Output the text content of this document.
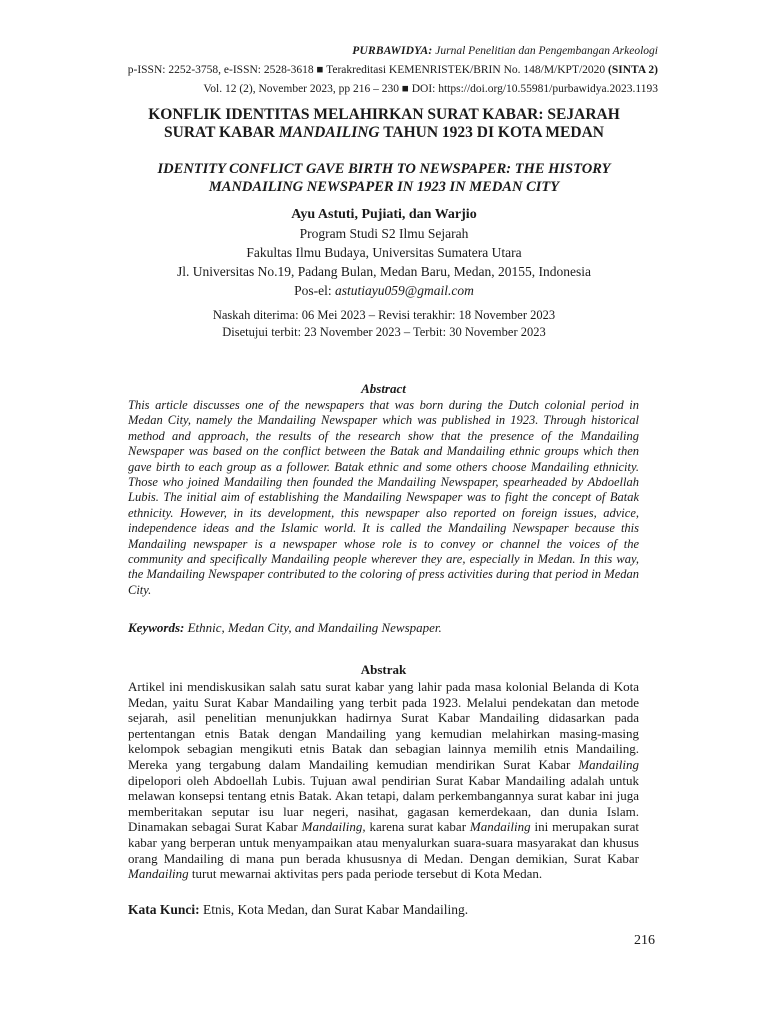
PURBAWIDYA: Jurnal Penelitian dan Pengembangan Arkeologi
p-ISSN: 2252-3758, e-ISSN: 2528-3618 ■ Terakreditasi KEMENRISTEK/BRIN No. 148/M/KPT/2020 (SINTA 2)
Vol. 12 (2), November 2023, pp 216 – 230 ■ DOI: https://doi.org/10.55981/purbawidya.2023.1193

KONFLIK IDENTITAS MELAHIRKAN SURAT KABAR: SEJARAH
SURAT KABAR MANDAILING TAHUN 1923 DI KOTA MEDAN

IDENTITY CONFLICT GAVE BIRTH TO NEWSPAPER: THE HISTORY
MANDAILING NEWSPAPER IN 1923 IN MEDAN CITY

Ayu Astuti, Pujiati, dan Warjio
Program Studi S2 Ilmu Sejarah
Fakultas Ilmu Budaya, Universitas Sumatera Utara
Jl. Universitas No.19, Padang Bulan, Medan Baru, Medan, 20155, Indonesia
Pos-el: astutiayu059@gmail.com
Naskah diterima: 06 Mei 2023 – Revisi terakhir: 18 November 2023
Disetujui terbit: 23 November 2023 – Terbit: 30 November 2023

Abstract

This article discusses one of the newspapers that was born during the Dutch colonial period in Medan City, namely the Mandailing Newspaper which was published in 1923. Through historical method and approach, the results of the research show that the presence of the Mandailing Newspaper was based on the conflict between the Batak and Mandailing ethnic groups which then gave birth to each group as a follower. Batak ethnic and some others choose Mandailing ethnicity. Those who joined Mandailing then founded the Mandailing Newspaper, spearheaded by Abdoellah Lubis. The initial aim of establishing the Mandailing Newspaper was to fight the concept of Batak ethnicity. However, in its development, this newspaper also reported on foreign issues, advice, independence ideas and the Islamic world. It is called the Mandailing Newspaper because this Mandailing newspaper is a newspaper whose role is to convey or channel the voices of the community and specifically Mandailing people wherever they are, especially in Medan. In this way, the Mandailing Newspaper contributed to the coloring of press activities during that period in Medan City.

Keywords: Ethnic, Medan City, and Mandailing Newspaper.

Abstrak

Artikel ini mendiskusikan salah satu surat kabar yang lahir pada masa kolonial Belanda di Kota Medan, yaitu Surat Kabar Mandailing yang terbit pada 1923. Melalui pendekatan dan metode sejarah, asil penelitian menunjukkan hadirnya Surat Kabar Mandailing didasarkan pada pertentangan etnis Batak dengan Mandailing yang kemudian melahirkan masing-masing kelompok sebagian mengikuti etnis Batak dan sebagian lainnya memilih etnis Mandailing. Mereka yang tergabung dalam Mandailing kemudian mendirikan Surat Kabar Mandailing dipelopori oleh Abdoellah Lubis. Tujuan awal pendirian Surat Kabar Mandailing adalah untuk melawan konsepsi tentang etnis Batak. Akan tetapi, dalam perkembangannya surat kabar ini juga memberitakan seputar isu luar negeri, nasihat, gagasan kemerdekaan, dan dunia Islam. Dinamakan sebagai Surat Kabar Mandailing, karena surat kabar Mandailing ini merupakan surat kabar yang berperan untuk menyampaikan atau menyalurkan suara-suara masyarakat dan khusus orang Mandailing di mana pun berada khususnya di Medan. Dengan demikian, Surat Kabar Mandailing turut mewarnai aktivitas pers pada periode tersebut di Kota Medan.

Kata Kunci: Etnis, Kota Medan, dan Surat Kabar Mandailing.
216
